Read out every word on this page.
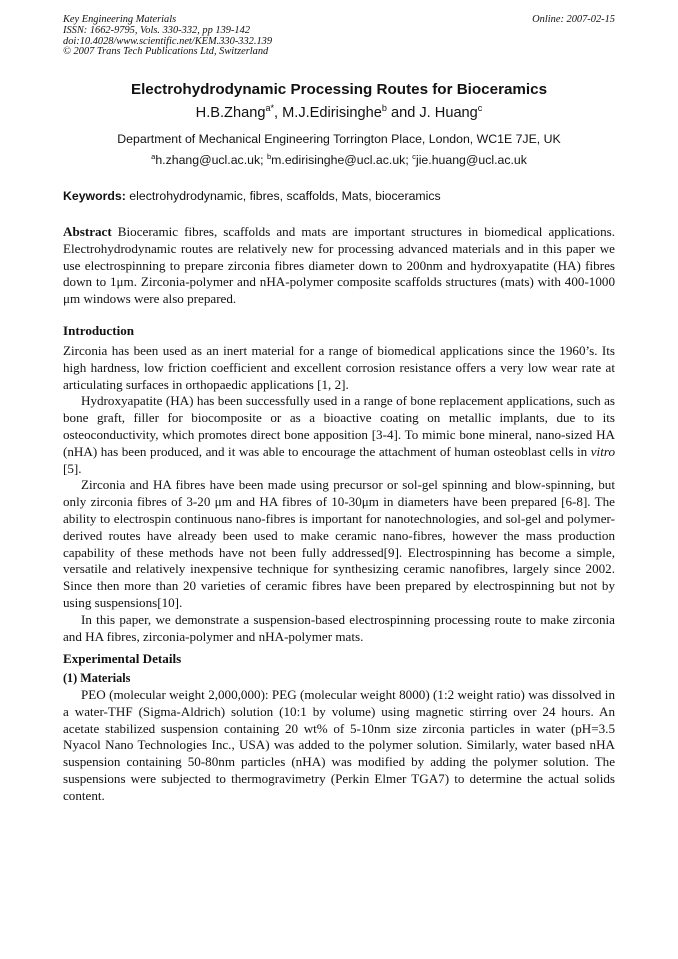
Key Engineering Materials
ISSN: 1662-9795, Vols. 330-332, pp 139-142
doi:10.4028/www.scientific.net/KEM.330-332.139
© 2007 Trans Tech Publications Ltd, Switzerland
Online: 2007-02-15
Electrohydrodynamic Processing Routes for Bioceramics
H.B.Zhang$^{a*}$, M.J.Edirisinghe$^b$ and J. Huang$^c$
Department of Mechanical Engineering Torrington Place, London, WC1E 7JE, UK
$^a$h.zhang@ucl.ac.uk; $^b$m.edirisinghe@ucl.ac.uk; $^c$jie.huang@ucl.ac.uk
Keywords: electrohydrodynamic, fibres, scaffolds, Mats, bioceramics

Abstract Bioceramic fibres, scaffolds and mats are important structures in biomedical applications. Electrohydrodynamic routes are relatively new for processing advanced materials and in this paper we use electrospinning to prepare zirconia fibres diameter down to 200nm and hydroxyapatite (HA) fibres down to 1μm. Zirconia-polymer and nHA-polymer composite scaffolds structures (mats) with 400-1000 μm windows were also prepared.

Introduction

Zirconia has been used as an inert material for a range of biomedical applications since the 1960’s. Its high hardness, low friction coefficient and excellent corrosion resistance offers a very low wear rate at articulating surfaces in orthopaedic applications [1, 2].

Hydroxyapatite (HA) has been successfully used in a range of bone replacement applications, such as bone graft, filler for biocomposite or as a bioactive coating on metallic implants, due to its osteoconductivity, which promotes direct bone apposition [3-4]. To mimic bone mineral, nano-sized HA (nHA) has been produced, and it was able to encourage the attachment of human osteoblast cells in vitro [5].

Zirconia and HA fibres have been made using precursor or sol-gel spinning and blow-spinning, but only zirconia fibres of 3-20 μm and HA fibres of 10-30μm in diameters have been prepared [6-8]. The ability to electrospin continuous nano-fibres is important for nanotechnologies, and sol-gel and polymer-derived routes have already been used to make ceramic nano-fibres, however the mass production capability of these methods have not been fully addressed[9]. Electrospinning has become a simple, versatile and relatively inexpensive technique for synthesizing ceramic nanofibres, largely since 2002. Since then more than 20 varieties of ceramic fibres have been prepared by electrospinning but not by using suspensions[10].

In this paper, we demonstrate a suspension-based electrospinning processing route to make zirconia and HA fibres, zirconia-polymer and nHA-polymer mats.

Experimental Details
(1) Materials

PEO (molecular weight 2,000,000): PEG (molecular weight 8000) (1:2 weight ratio) was dissolved in a water-THF (Sigma-Aldrich) solution (10:1 by volume) using magnetic stirring over 24 hours. An acetate stabilized suspension containing 20 wt% of 5-10nm size zirconia particles in water (pH=3.5 Nyacol Nano Technologies Inc., USA) was added to the polymer solution. Similarly, water based nHA suspension containing 50-80nm particles (nHA) was modified by adding the polymer solution. The suspensions were subjected to thermogravimetry (Perkin Elmer TGA7) to determine the actual solids content.
